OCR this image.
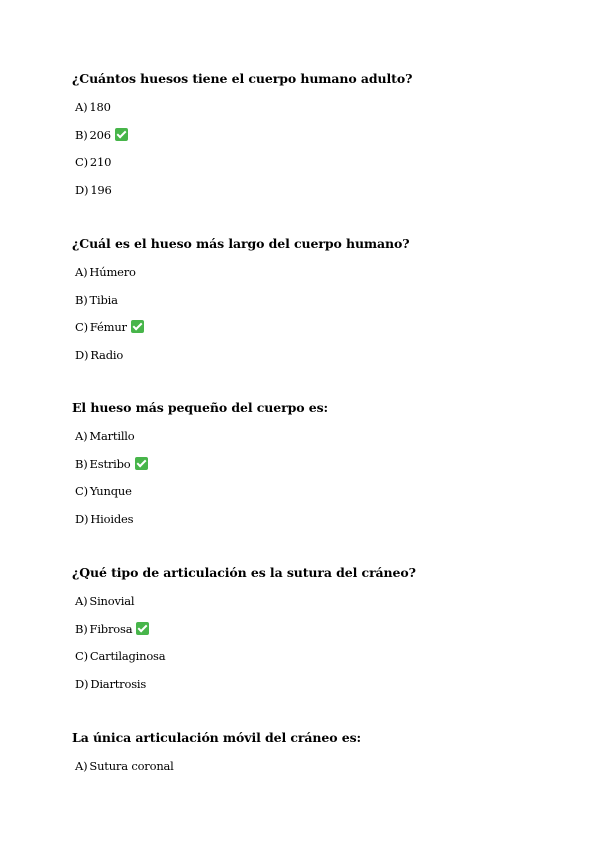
¿Cuántos huesos tiene el cuerpo humano adulto?
A) 180
B) 206
C) 210
D) 196
¿Cuál es el hueso más largo del cuerpo humano?
A) Húmero
B) Tibia
C) Fémur
D) Radio
El hueso más pequeño del cuerpo es:
A) Martillo
B) Estribo
C) Yunque
D) Hioides
¿Qué tipo de articulación es la sutura del cráneo?
A) Sinovial
B) Fibrosa
C) Cartilaginosa
D) Diartrosis
La única articulación móvil del cráneo es:
A) Sutura coronal
